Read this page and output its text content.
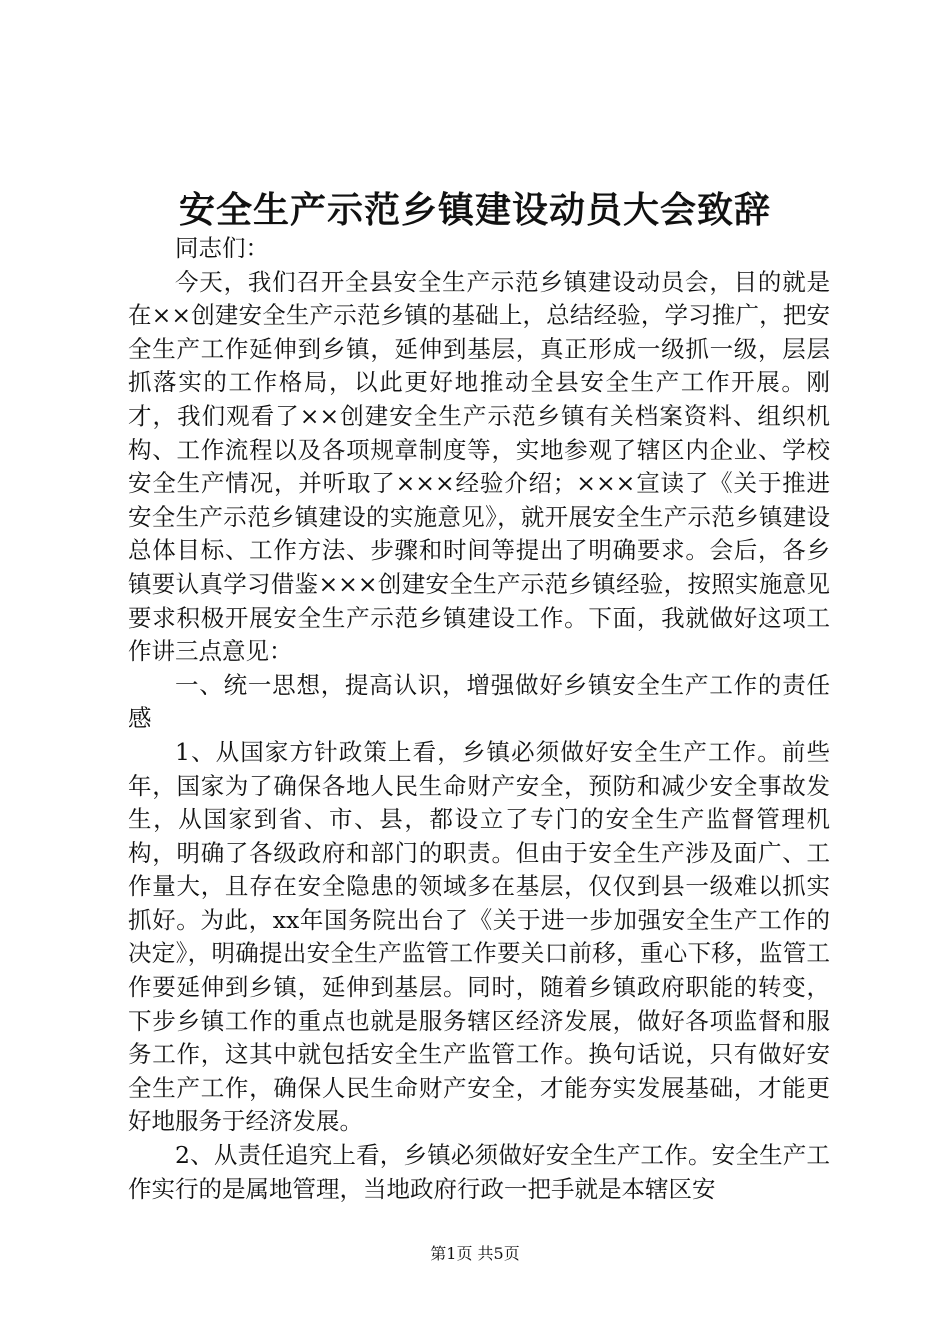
安全生产示范乡镇建设动员大会致辞

同志们：

今天，我们召开全县安全生产示范乡镇建设动员会，目的就是在××创建安全生产示范乡镇的基础上，总结经验，学习推广，把安全生产工作延伸到乡镇，延伸到基层，真正形成一级抓一级，层层抓落实的工作格局，以此更好地推动全县安全生产工作开展。刚才，我们观看了××创建安全生产示范乡镇有关档案资料、组织机构、工作流程以及各项规章制度等，实地参观了辖区内企业、学校安全生产情况，并听取了×××经验介绍；×××宣读了《关于推进安全生产示范乡镇建设的实施意见》，就开展安全生产示范乡镇建设总体目标、工作方法、步骤和时间等提出了明确要求。会后，各乡镇要认真学习借鉴×××创建安全生产示范乡镇经验，按照实施意见要求积极开展安全生产示范乡镇建设工作。下面，我就做好这项工作讲三点意见：

一、统一思想，提高认识，增强做好乡镇安全生产工作的责任感

1、从国家方针政策上看，乡镇必须做好安全生产工作。前些年，国家为了确保各地人民生命财产安全，预防和减少安全事故发生，从国家到省、市、县，都设立了专门的安全生产监督管理机构，明确了各级政府和部门的职责。但由于安全生产涉及面广、工作量大，且存在安全隐患的领域多在基层，仅仅到县一级难以抓实抓好。为此，xx年国务院出台了《关于进一步加强安全生产工作的决定》，明确提出安全生产监管工作要关口前移，重心下移，监管工作要延伸到乡镇，延伸到基层。同时，随着乡镇政府职能的转变，下步乡镇工作的重点也就是服务辖区经济发展，做好各项监督和服务工作，这其中就包括安全生产监管工作。换句话说，只有做好安全生产工作，确保人民生命财产安全，才能夯实发展基础，才能更好地服务于经济发展。

2、从责任追究上看，乡镇必须做好安全生产工作。安全生产工作实行的是属地管理，当地政府行政一把手就是本辖区安

第1页 共5页
